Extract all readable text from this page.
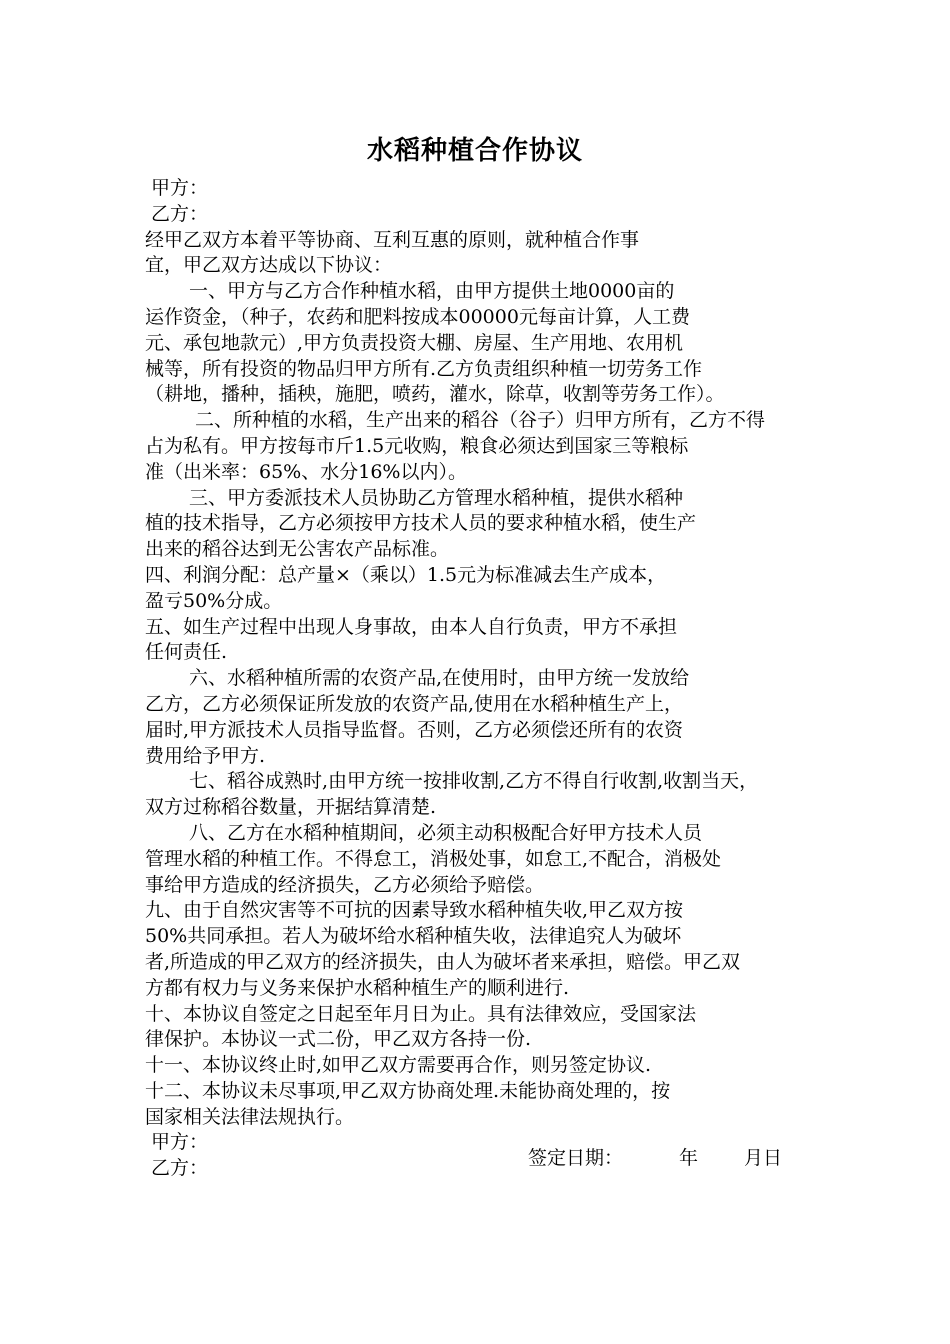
水稻种植合作协议
甲方：
乙方：
经甲乙双方本着平等协商、互利互惠的原则，就种植合作事
宜，甲乙双方达成以下协议：
一、甲方与乙方合作种植水稻，由甲方提供土地0000亩的
运作资金，（种子，农药和肥料按成本00000元每亩计算，人工费
元、承包地款元）,甲方负责投资大棚、房屋、生产用地、农用机
械等，所有投资的物品归甲方所有.乙方负责组织种植一切劳务工作
（耕地，播种，插秧，施肥，喷药，灌水，除草，收割等劳务工作）。
二、所种植的水稻，生产出来的稻谷（谷子）归甲方所有，乙方不得
占为私有。甲方按每市斤1.5元收购，粮食必须达到国家三等粮标
准（出米率：65%、水分16%以内）。
三、甲方委派技术人员协助乙方管理水稻种植，提供水稻种
植的技术指导，乙方必须按甲方技术人员的要求种植水稻，使生产
出来的稻谷达到无公害农产品标准。
四、利润分配：总产量×（乘以）1.5元为标准减去生产成本，
盈亏50%分成。
五、如生产过程中出现人身事故，由本人自行负责，甲方不承担
任何责任.
六、水稻种植所需的农资产品,在使用时，由甲方统一发放给
乙方，乙方必须保证所发放的农资产品,使用在水稻种植生产上，
届时,甲方派技术人员指导监督。否则，乙方必须偿还所有的农资
费用给予甲方.
七、稻谷成熟时,由甲方统一按排收割,乙方不得自行收割,收割当天，
双方过称稻谷数量，开据结算清楚.
八、乙方在水稻种植期间，必须主动积极配合好甲方技术人员
管理水稻的种植工作。不得怠工，消极处事，如怠工,不配合，消极处
事给甲方造成的经济损失，乙方必须给予赔偿。
九、由于自然灾害等不可抗的因素导致水稻种植失收,甲乙双方按
50%共同承担。若人为破坏给水稻种植失收，法律追究人为破坏
者,所造成的甲乙双方的经济损失，由人为破坏者来承担，赔偿。甲乙双
方都有权力与义务来保护水稻种植生产的顺利进行.
十、本协议自签定之日起至年月日为止。具有法律效应，受国家法
律保护。本协议一式二份，甲乙双方各持一份.
十一、本协议终止时,如甲乙双方需要再合作，则另签定协议.
十二、本协议未尽事项,甲乙双方协商处理.未能协商处理的，按
国家相关法律法规执行。
甲方：
乙方：	签定日期：	年 月日
